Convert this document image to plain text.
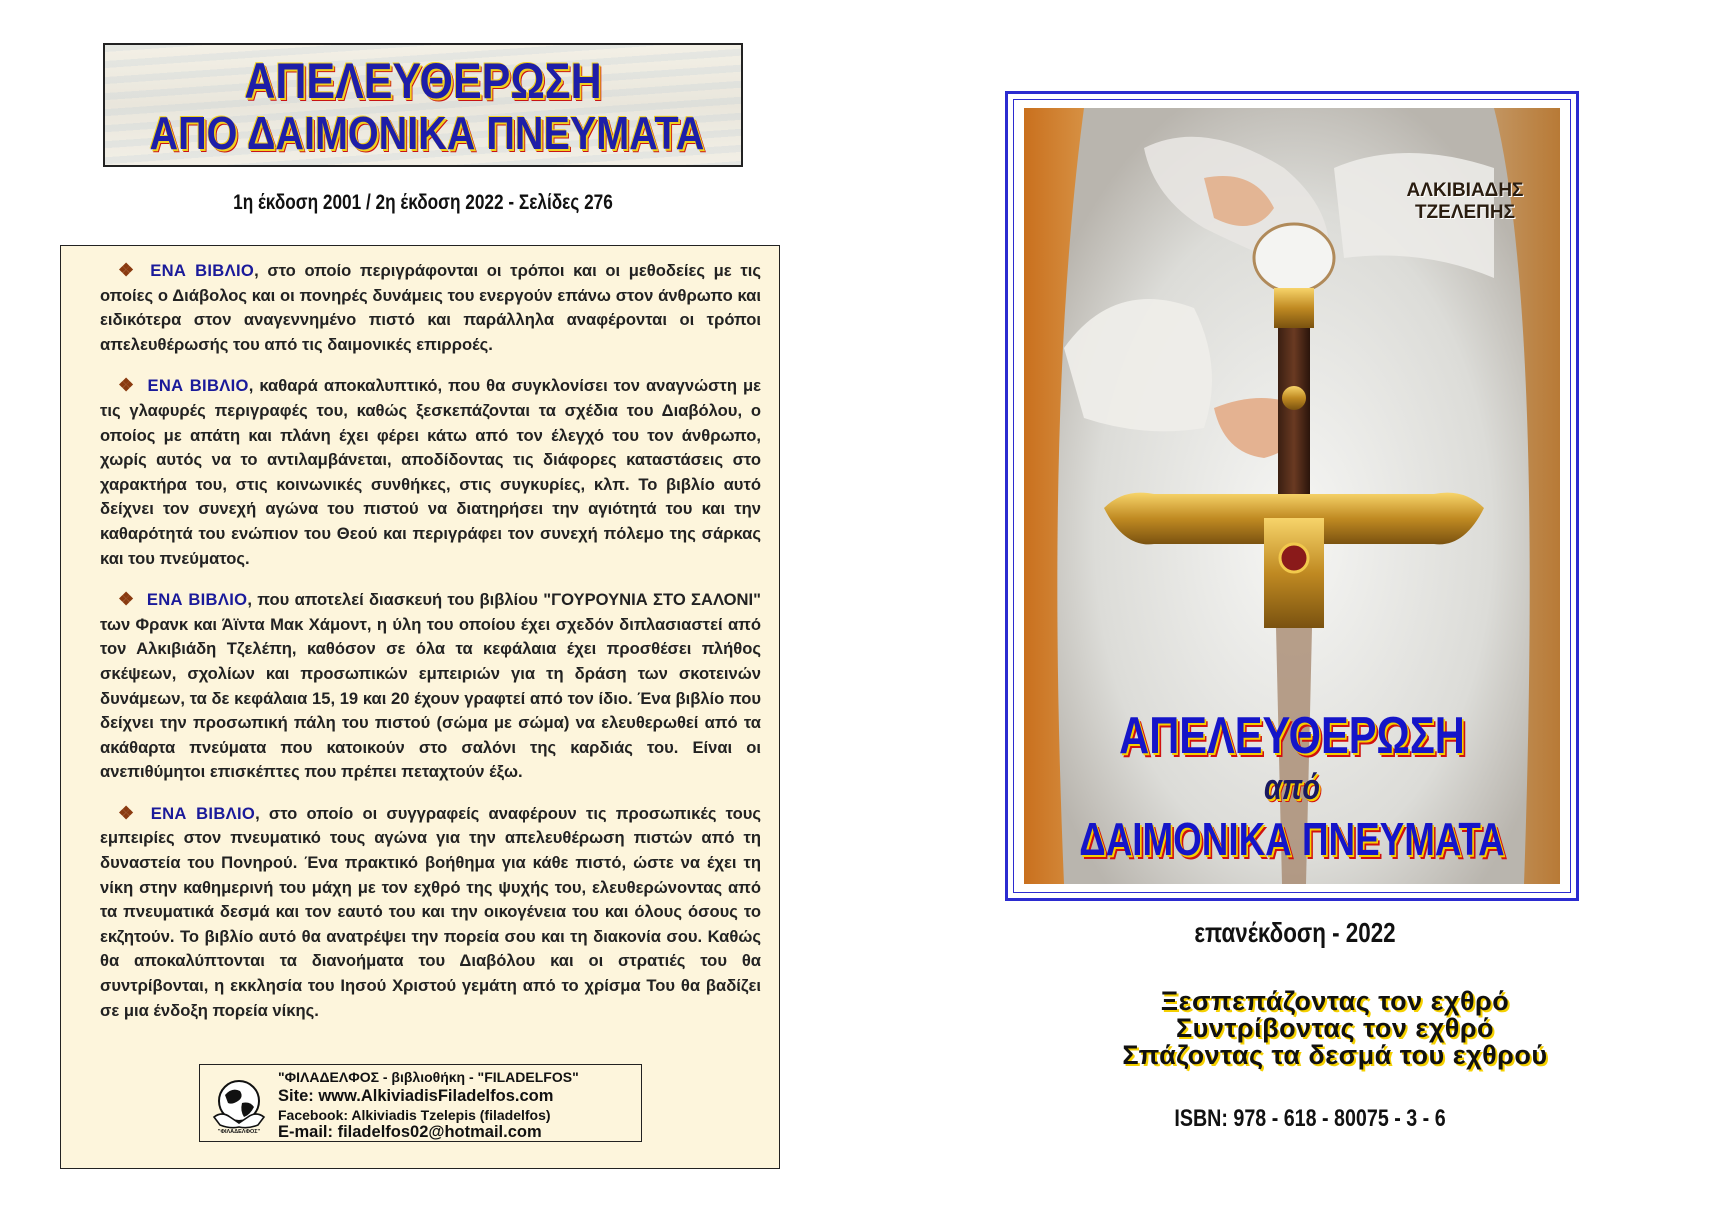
ΑΠΕΛΕΥΘΕΡΩΣΗ
ΑΠΟ ΔΑΙΜΟΝΙΚΑ ΠΝΕΥΜΑΤΑ
1η έκδοση 2001 / 2η έκδοση 2022 - Σελίδες 276

❖ ΕΝΑ ΒΙΒΛΙΟ, στο οποίο περιγράφονται οι τρόποι και οι μεθοδείες με τις οποίες ο Διάβολος και οι πονηρές δυνάμεις του ενεργούν επάνω στον άνθρωπο και ειδικότερα στον αναγεννημένο πιστό και παράλληλα αναφέρονται οι τρόποι απελευθέρωσής του από τις δαιμονικές επιρροές.

❖ ΕΝΑ ΒΙΒΛΙΟ, καθαρά αποκαλυπτικό, που θα συγκλονίσει τον αναγνώστη με τις γλαφυρές περιγραφές του, καθώς ξεσκεπάζονται τα σχέδια του Διαβόλου, ο οποίος με απάτη και πλάνη έχει φέρει κάτω από τον έλεγχό του τον άνθρωπο, χωρίς αυτός να το αντιλαμβάνεται, αποδίδοντας τις διάφορες καταστάσεις στο χαρακτήρα του, στις κοινωνικές συνθήκες, στις συγκυρίες, κλπ. Το βιβλίο αυτό δείχνει τον συνεχή αγώνα του πιστού να διατηρήσει την αγιότητά του και την καθαρότητά του ενώπιον του Θεού και περιγράφει τον συνεχή πόλεμο της σάρκας και του πνεύματος.

❖ ΕΝΑ ΒΙΒΛΙΟ, που αποτελεί διασκευή του βιβλίου "ΓΟΥΡΟΥΝΙΑ ΣΤΟ ΣΑΛΟΝΙ" των Φρανκ και Άϊντα Μακ Χάμοντ, η ύλη του οποίου έχει σχεδόν διπλασιαστεί από τον Αλκιβιάδη Τζελέπη, καθόσον σε όλα τα κεφάλαια έχει προσθέσει πλήθος σκέψεων, σχολίων και προσωπικών εμπειριών για τη δράση των σκοτεινών δυνάμεων, τα δε κεφάλαια 15, 19 και 20 έχουν γραφτεί από τον ίδιο. Ένα βιβλίο που δείχνει την προσωπική πάλη του πιστού (σώμα με σώμα) να ελευθερωθεί από τα ακάθαρτα πνεύματα που κατοικούν στο σαλόνι της καρδιάς του. Είναι οι ανεπιθύμητοι επισκέπτες που πρέπει πεταχτούν έξω.

❖ ΕΝΑ ΒΙΒΛΙΟ, στο οποίο οι συγγραφείς αναφέρουν τις προσωπικές τους εμπειρίες στον πνευματικό τους αγώνα για την απελευθέρωση πιστών από τη δυναστεία του Πονηρού. Ένα πρακτικό βοήθημα για κάθε πιστό, ώστε να έχει τη νίκη στην καθημερινή του μάχη με τον εχθρό της ψυχής του, ελευθερώνοντας από τα πνευματικά δεσμά και τον εαυτό του και την οικογένεια του και όλους όσους το εκζητούν. Το βιβλίο αυτό θα ανατρέψει την πορεία σου και τη διακονία σου. Καθώς θα αποκαλύπτονται τα διανοήματα του Διαβόλου και οι στρατιές του θα συντρίβονται, η εκκλησία του Ιησού Χριστού γεμάτη από το χρίσμα Του θα βαδίζει σε μια ένδοξη πορεία νίκης.

"ΦΙΛΑΔΕΛΦΟΣ"
"ΦΙΛΑΔΕΛΦΟΣ - βιβλιοθήκη - "FILADELFOS"
Site: www.AlkiviadisFiladelfos.com
Facebook: Alkiviadis Tzelepis (filadelfos)
E-mail: filadelfos02@hotmail.com
ΑΛΚΙΒΙΑΔΗΣ
ΤΖΕΛΕΠΗΣ
ΑΠΕΛΕΥΘΕΡΩΣΗ
από
ΔΑΙΜΟΝΙΚΑ ΠΝΕΥΜΑΤΑ
επανέκδοση - 2022
Ξεσπεπάζοντας τον εχθρό
Συντρίβοντας τον εχθρό
Σπάζοντας τα δεσμά του εχθρού
ISBN: 978 - 618 - 80075 - 3 - 6
